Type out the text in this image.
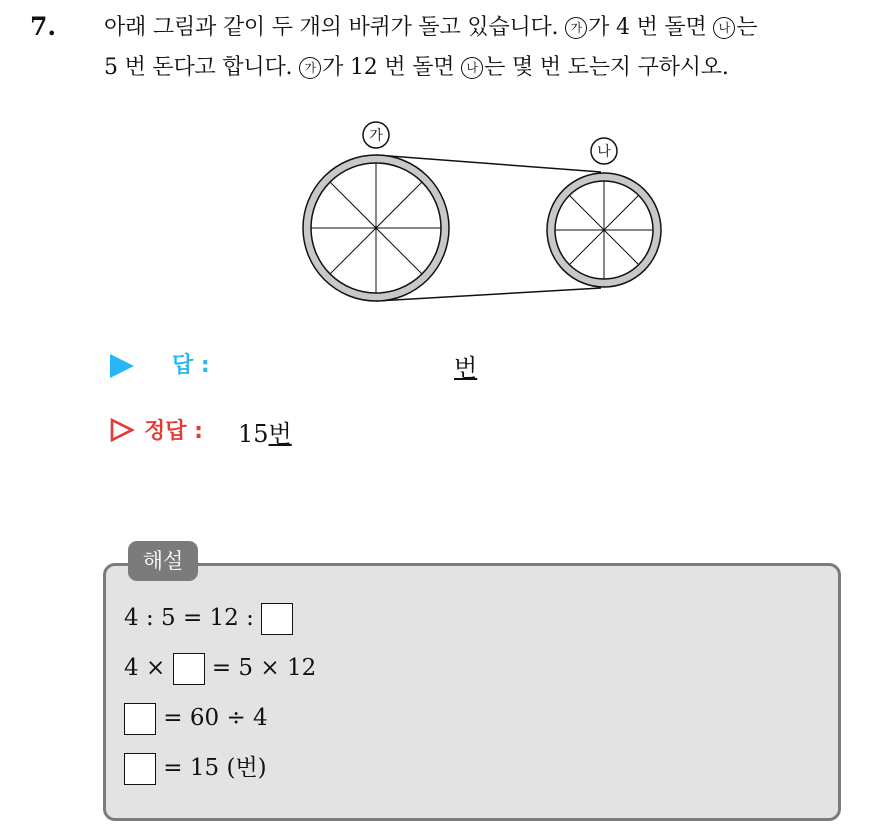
7. 아래 그림과 같이 두 개의 바퀴가 돌고 있습니다. 가 가 4 번 돌면 나 는
5 번 돈다고 합니다. 가 가 12 번 돌면 나 는 몇 번 도는지 구하시오.
가
나
답 :	번
정답 : 15번
해설
4 : 5 = 12 :
4 ×  = 5 × 12
= 60 ÷ 4
= 15 (번)
